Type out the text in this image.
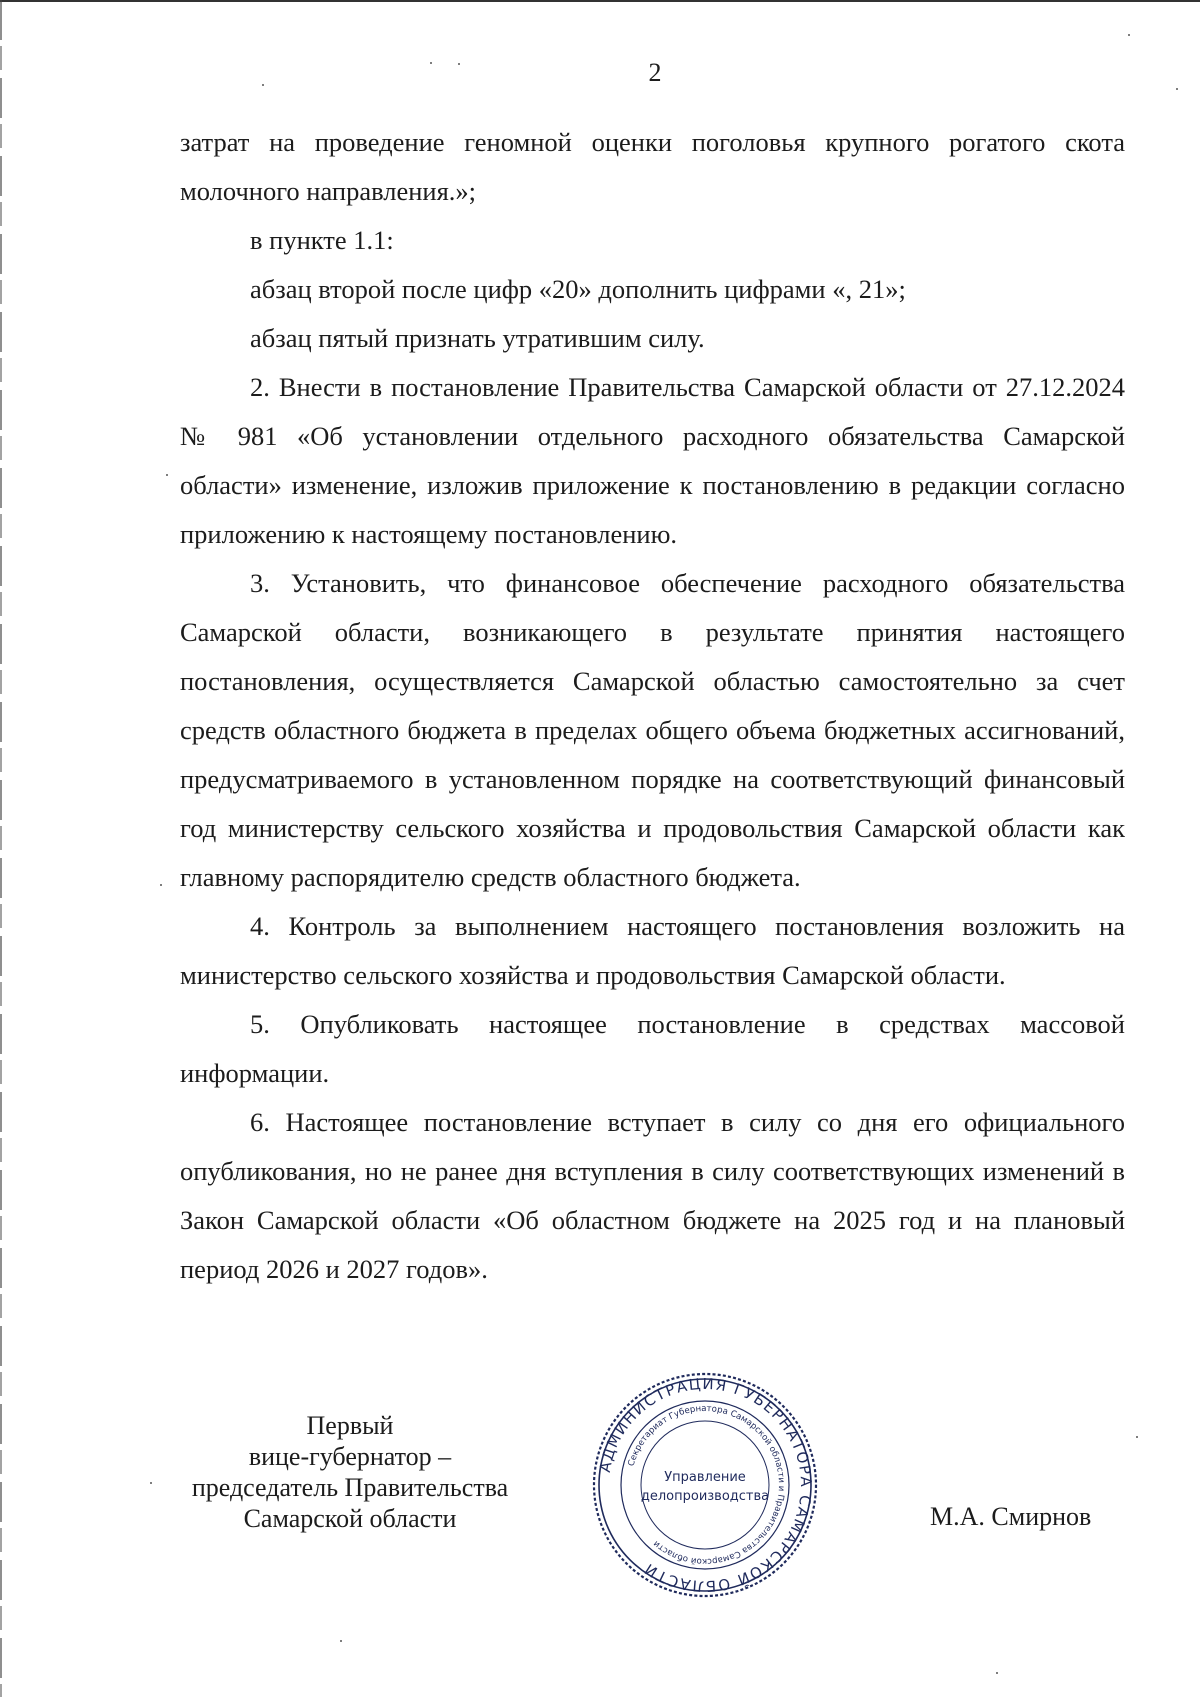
2

затрат на проведение геномной оценки поголовья крупного рогатого скота молочного направления.»;

в пункте 1.1:

абзац второй после цифр «20» дополнить цифрами «, 21»;

абзац пятый признать утратившим силу.

2. Внести в постановление Правительства Самарской области от 27.12.2024 № 981 «Об установлении отдельного расходного обязательства Самарской области» изменение, изложив приложение к постановлению в редакции согласно приложению к настоящему постановлению.

3. Установить, что финансовое обеспечение расходного обязательства Самарской области, возникающего в результате принятия настоящего постановления, осуществляется Самарской областью самостоятельно за счет средств областного бюджета в пределах общего объема бюджетных ассигнований, предусматриваемого в установленном порядке на соответствующий финансовый год министерству сельского хозяйства и продовольствия Самарской области как главному распорядителю средств областного бюджета.

4. Контроль за выполнением настоящего постановления возложить на министерство сельского хозяйства и продовольствия Самарской области.

5. Опубликовать настоящее постановление в средствах массовой информации.

6. Настоящее постановление вступает в силу со дня его официального опубликования, но не ранее дня вступления в силу соответствующих изменений в Закон Самарской области «Об областном бюджете на 2025 год и на плановый период 2026 и 2027 годов».

Первый
вице-губернатор –
председатель Правительства
Самарской области
АДМИНИСТРАЦИЯ ГУБЕРНАТОРА САМАРСКОЙ ОБЛАСТИ
Секретариат Губернатора Самарской области и Правительства Самарской области
Управление
делопроизводства
М.А. Смирнов
